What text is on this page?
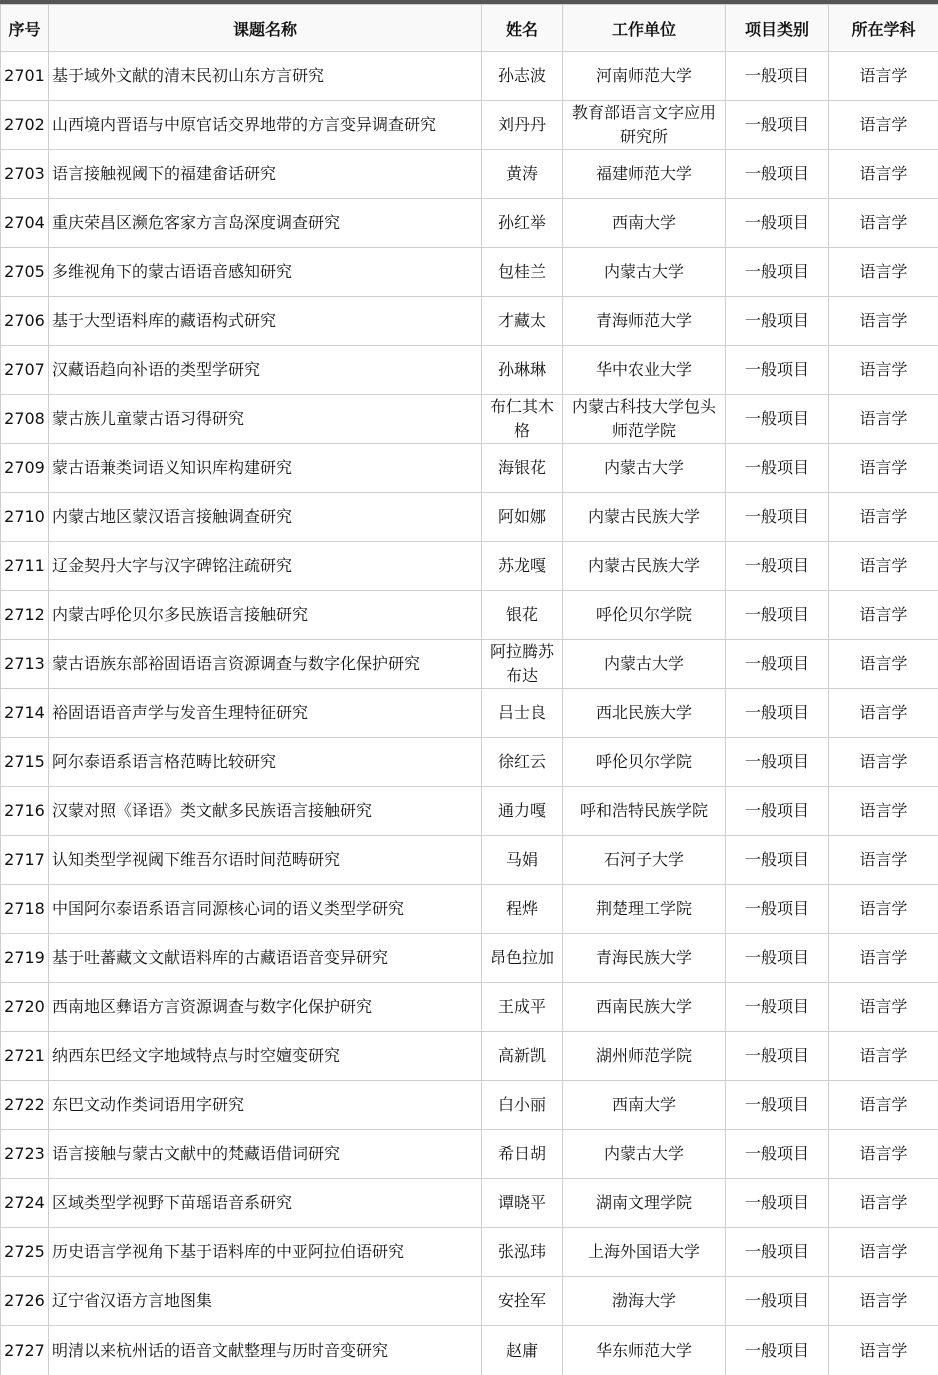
序号	课题名称	姓名	工作单位	项目类别	所在学科
2701	基于域外文献的清末民初山东方言研究	孙志波	河南师范大学	一般项目	语言学
2702	山西境内晋语与中原官话交界地带的方言变异调查研究	刘丹丹	教育部语言文字应用研究所	一般项目	语言学
2703	语言接触视阈下的福建畲话研究	黄涛	福建师范大学	一般项目	语言学
2704	重庆荣昌区濒危客家方言岛深度调查研究	孙红举	西南大学	一般项目	语言学
2705	多维视角下的蒙古语语音感知研究	包桂兰	内蒙古大学	一般项目	语言学
2706	基于大型语料库的藏语构式研究	才藏太	青海师范大学	一般项目	语言学
2707	汉藏语趋向补语的类型学研究	孙琳琳	华中农业大学	一般项目	语言学
2708	蒙古族儿童蒙古语习得研究	布仁其木格	内蒙古科技大学包头师范学院	一般项目	语言学
2709	蒙古语兼类词语义知识库构建研究	海银花	内蒙古大学	一般项目	语言学
2710	内蒙古地区蒙汉语言接触调查研究	阿如娜	内蒙古民族大学	一般项目	语言学
2711	辽金契丹大字与汉字碑铭注疏研究	苏龙嘎	内蒙古民族大学	一般项目	语言学
2712	内蒙古呼伦贝尔多民族语言接触研究	银花	呼伦贝尔学院	一般项目	语言学
2713	蒙古语族东部裕固语语言资源调查与数字化保护研究	阿拉腾苏布达	内蒙古大学	一般项目	语言学
2714	裕固语语音声学与发音生理特征研究	吕士良	西北民族大学	一般项目	语言学
2715	阿尔泰语系语言格范畴比较研究	徐红云	呼伦贝尔学院	一般项目	语言学
2716	汉蒙对照《译语》类文献多民族语言接触研究	通力嘎	呼和浩特民族学院	一般项目	语言学
2717	认知类型学视阈下维吾尔语时间范畴研究	马娟	石河子大学	一般项目	语言学
2718	中国阿尔泰语系语言同源核心词的语义类型学研究	程烨	荆楚理工学院	一般项目	语言学
2719	基于吐蕃藏文文献语料库的古藏语语音变异研究	昂色拉加	青海民族大学	一般项目	语言学
2720	西南地区彝语方言资源调查与数字化保护研究	王成平	西南民族大学	一般项目	语言学
2721	纳西东巴经文字地域特点与时空嬗变研究	高新凯	湖州师范学院	一般项目	语言学
2722	东巴文动作类词语用字研究	白小丽	西南大学	一般项目	语言学
2723	语言接触与蒙古文献中的梵藏语借词研究	希日胡	内蒙古大学	一般项目	语言学
2724	区域类型学视野下苗瑶语音系研究	谭晓平	湖南文理学院	一般项目	语言学
2725	历史语言学视角下基于语料库的中亚阿拉伯语研究	张泓玮	上海外国语大学	一般项目	语言学
2726	辽宁省汉语方言地图集	安拴军	渤海大学	一般项目	语言学
2727	明清以来杭州话的语音文献整理与历时音变研究	赵庸	华东师范大学	一般项目	语言学
